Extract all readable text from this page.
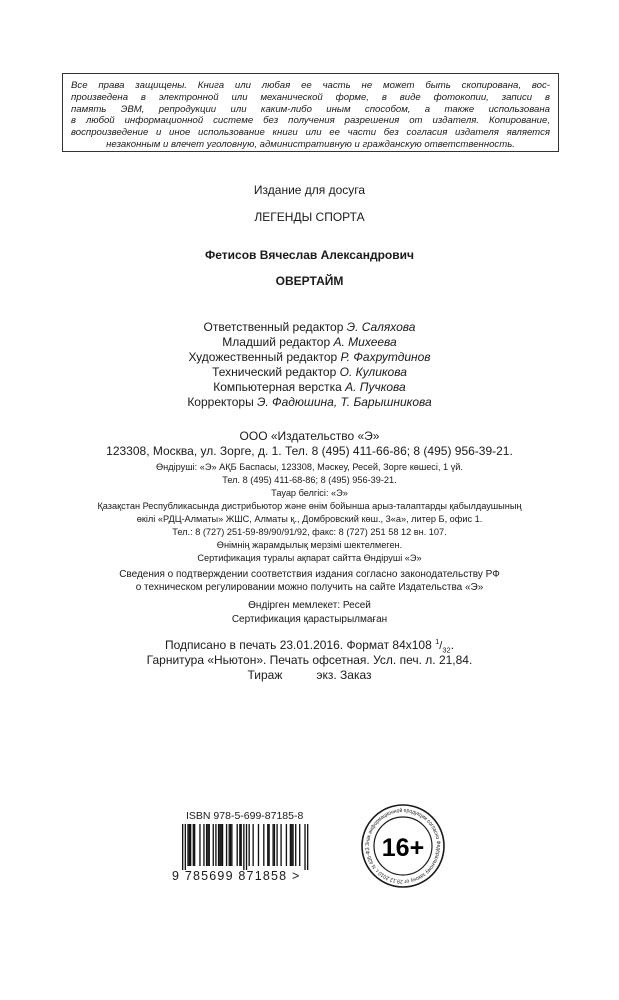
Все права защищены. Книга или любая ее часть не может быть скопирована, вос-
произведена в электронной или механической форме, в виде фотокопии, записи в
память ЭВМ, репродукции или каким-либо иным способом, а также использована
в любой информационной системе без получения разрешения от издателя. Копирование,
воспроизведение и иное использование книги или ее части без согласия издателя является
незаконным и влечет уголовную, административную и гражданскую ответственность.
Издание для досуга
ЛЕГЕНДЫ СПОРТА
Фетисов Вячеслав Александрович
ОВЕРТАЙМ
Ответственный редактор Э. Саляхова
Младший редактор А. Михеева
Художественный редактор Р. Фахрутдинов
Технический редактор О. Куликова
Компьютерная верстка А. Пучкова
Корректоры Э. Фадюшина, Т. Барышникова
ООО «Издательство «Э»
123308, Москва, ул. Зорге, д. 1. Тел. 8 (495) 411-66-86; 8 (495) 956-39-21.
Өндіруші: «Э» АҚБ Баспасы, 123308, Мәскеу, Ресей, Зорге көшесі, 1 үй.
Тел. 8 (495) 411-68-86; 8 (495) 956-39-21.
Тауар белгісі: «Э»
Қазақстан Республикасында дистрибьютор және өнім бойынша арыз-талаптарды қабылдаушының
өкілі «РДЦ-Алматы» ЖШС, Алматы қ., Домбровский көш., 3«а», литер Б, офис 1.
Тел.: 8 (727) 251-59-89/90/91/92, факс: 8 (727) 251 58 12 вн. 107.
Өнімнің жарамдылық мерзімі шектелмеген.
Сертификация туралы ақпарат сайтта Өндіруші «Э»
Сведения о подтверждении соответствия издания согласно законодательству РФ
о техническом регулировании можно получить на сайте Издательства «Э»
Өндірген мемлекет: Ресей
Сертификация қарастырылмаған
Подписано в печать 23.01.2016. Формат 84х108 $^1/_{32}$.
Гарнитура «Ньютон». Печать офсетная. Усл. печ. л. 21,84.
Тираж	экз. Заказ
ISBN 978-5-699-87185-8
9 785699 871858 >
Знак информационной продукции согласно Федеральному закону от 29.12.2010 г. N 436-ФЗ 16+
